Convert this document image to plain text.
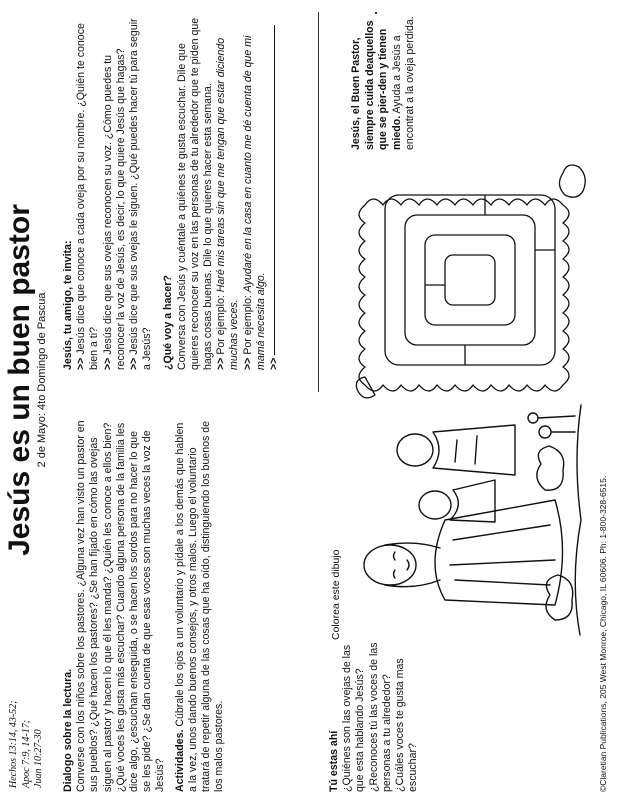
Hechos 13:14, 43-52; Apoc 7:9, 14-17; Juan 10:27-30
Jesús es un buen pastor 2 de Mayo: 4to Domingo de Pascua

Dialogo sobre la lectura.
Converse con los niños sobre los pastores. ¿Alguna vez han visto un pastor en sus pueblos? ¿Qué hacen los pastores? ¿Se han fijado en cómo las ovejas siguen al pastor y hacen lo que él les manda? ¿Quién les conoce a ellos bien? ¿Qué voces les gusta más escuchar? Cuando alguna persona de la familia les dice algo, ¿escuchan enseguida, o se hacen los sordos para no hacer lo que se les pide? ¿Se dan cuenta de que esas voces son muchas veces la voz de Jesús? Actividades. Cúbrale los ojos a un voluntario y pídale a los demás que hablen a la vez, unos dando buenos consejos, y otros malos. Luego el voluntario tratará de repetir alguna de las cosas que ha oído, distinguiendo los buenos de los malos pastores.	Tú estas ahí ¿Quiénes son las ovejas de las que esta hablando Jesús? ¿Reconoces tú las voces de las personas a tu alrededor? ¿Cuáles voces te gusta mas escuchar?
Colorea este dibujo
Jesús, tu amigo, te invita: >> Jesús dice que conoce a cada oveja por su nombre. ¿Quién te conoce bien a ti? >> Jesús dice que sus ovejas reconocen su voz. ¿Cómo puedes tu reconocer la voz de Jesús, es decir, lo que quiere Jesús que hagas? >> Jesús dice que sus ovejas le siguen. ¿Qué puedes hacer tú para seguir a Jesús? ¿Qué voy a hacer? Conversa con Jesús y cuéntale a quiénes te gusta escuchar. Dile que quieres reconocer su voz en las personas de tu alrededor que te piden que hagas cosas buenas. Dile lo que quieres hacer esta semana. >> Por ejemplo: Haré mis tareas sin que me tengan que estar diciendo muchas veces. >> Por ejemplo: Ayudaré en la casa en cuanto me dé cuenta de que mi mamá necesita algo. >>
Jesús, el Buen Pastor, siempre cuida deaquellos que se pier-den y tienen miedo. Ayuda a Jesús a encontrat a la oveja perdida.
©Claretian Publications, 205 West Monroe, Chicago, IL 60606. Ph: 1-800-328-6515.
